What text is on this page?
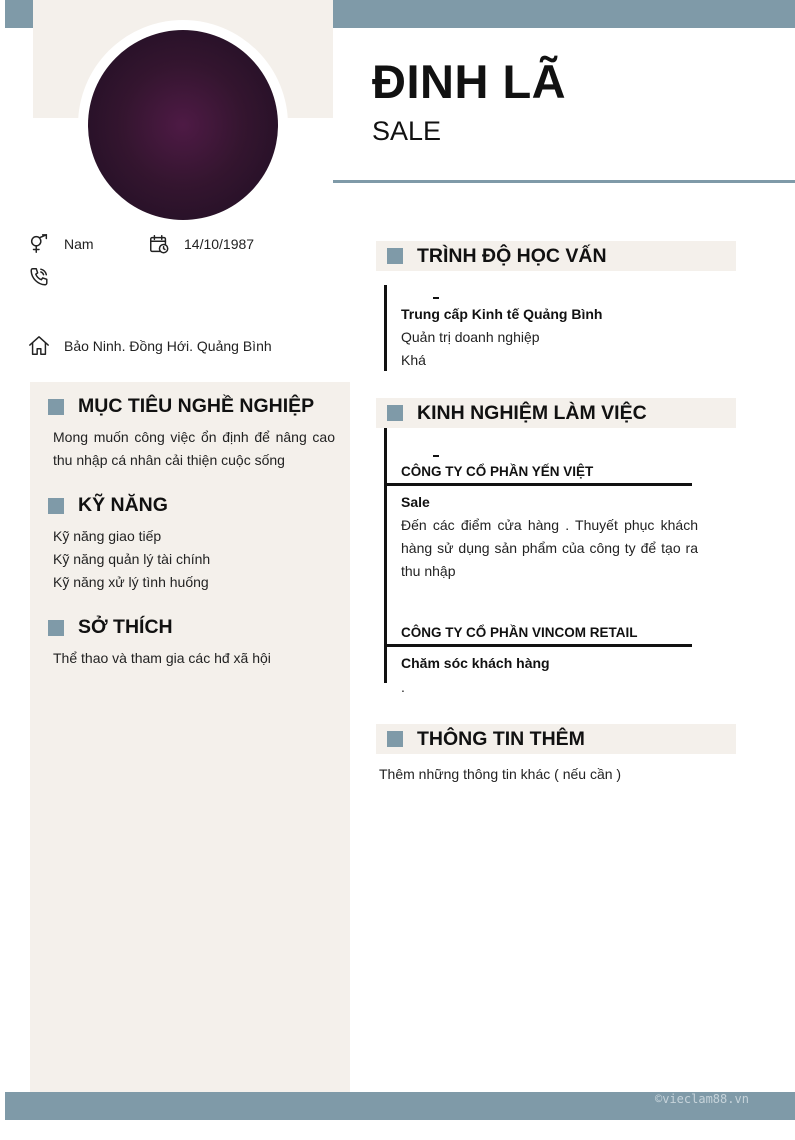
ĐINH LÃ
SALE
Nam	14/10/1987
Bảo Ninh. Đồng Hới. Quảng Bình
MỤC TIÊU NGHỀ NGHIỆP
Mong muốn công việc ổn định để nâng cao thu nhập cá nhân cải thiện cuộc sống
KỸ NĂNG
Kỹ năng giao tiếp
Kỹ năng quản lý tài chính
Kỹ năng xử lý tình huống
SỞ THÍCH
Thể thao và tham gia các hđ xã hội
TRÌNH ĐỘ HỌC VẤN
Trung cấp Kinh tế Quảng Bình
Quản trị doanh nghiệp
Khá
KINH NGHIỆM LÀM VIỆC
CÔNG TY CỔ PHẦN YẾN VIỆT
Sale
Đến các điểm cửa hàng . Thuyết phục khách hàng sử dụng sản phẩm của công ty để tạo ra thu nhập
CÔNG TY CỔ PHẦN VINCOM RETAIL
Chăm sóc khách hàng
.
THÔNG TIN THÊM
Thêm những thông tin khác ( nếu cần )
©vieclam88.vn
